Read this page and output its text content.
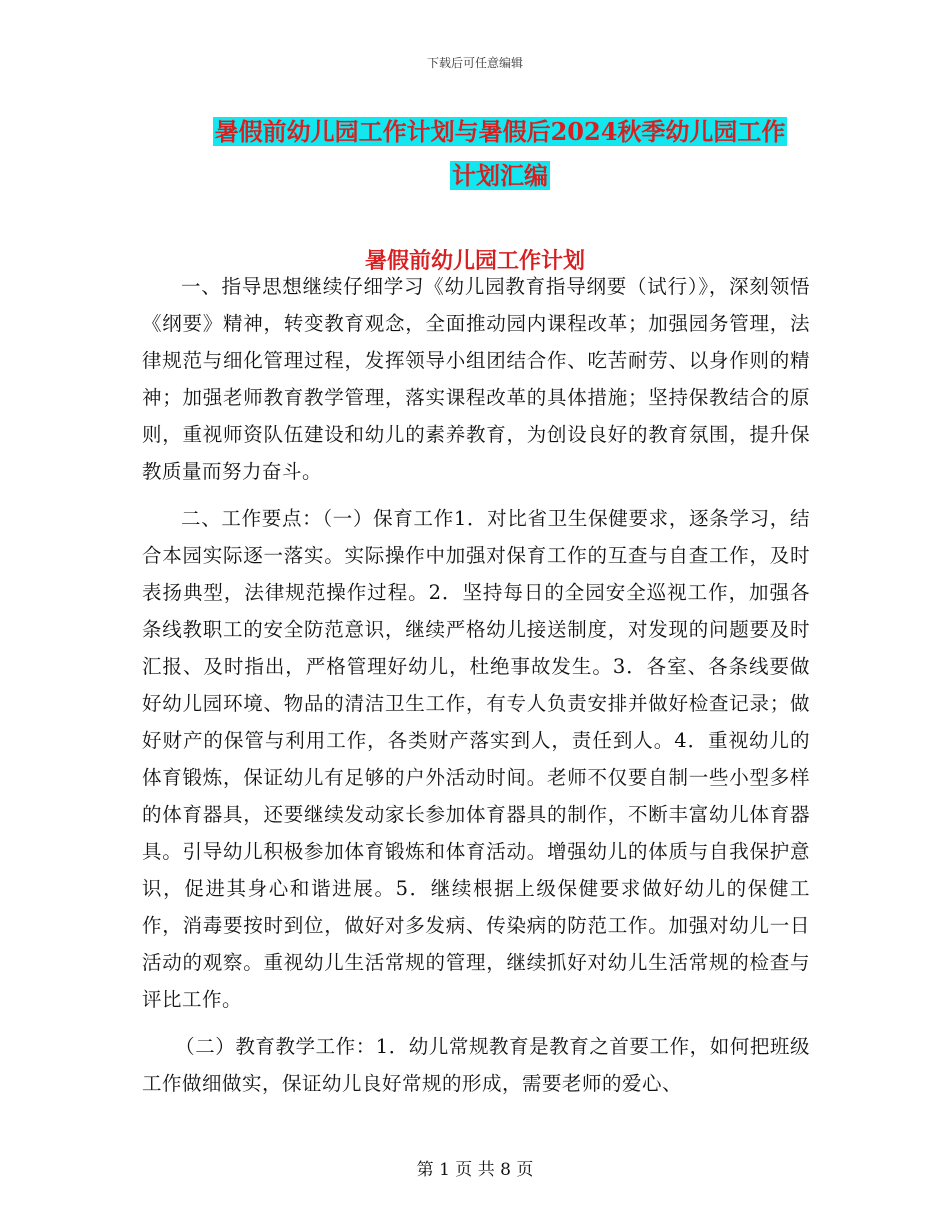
下载后可任意编辑
暑假前幼儿园工作计划与暑假后2024秋季幼儿园工作
计划汇编
暑假前幼儿园工作计划

一、指导思想继续仔细学习《幼儿园教育指导纲要（试行）》，深刻领悟《纲要》精神，转变教育观念，全面推动园内课程改革；加强园务管理，法律规范与细化管理过程，发挥领导小组团结合作、吃苦耐劳、以身作则的精神；加强老师教育教学管理，落实课程改革的具体措施；坚持保教结合的原则，重视师资队伍建设和幼儿的素养教育，为创设良好的教育氛围，提升保教质量而努力奋斗。

二、工作要点：（一）保育工作1．对比省卫生保健要求，逐条学习，结合本园实际逐一落实。实际操作中加强对保育工作的互查与自查工作，及时表扬典型，法律规范操作过程。2．坚持每日的全园安全巡视工作，加强各条线教职工的安全防范意识，继续严格幼儿接送制度，对发现的问题要及时汇报、及时指出，严格管理好幼儿，杜绝事故发生。3．各室、各条线要做好幼儿园环境、物品的清洁卫生工作，有专人负责安排并做好检查记录；做好财产的保管与利用工作，各类财产落实到人，责任到人。4．重视幼儿的体育锻炼，保证幼儿有足够的户外活动时间。老师不仅要自制一些小型多样的体育器具，还要继续发动家长参加体育器具的制作，不断丰富幼儿体育器具。引导幼儿积极参加体育锻炼和体育活动。增强幼儿的体质与自我保护意识，促进其身心和谐进展。5．继续根据上级保健要求做好幼儿的保健工作，消毒要按时到位，做好对多发病、传染病的防范工作。加强对幼儿一日活动的观察。重视幼儿生活常规的管理，继续抓好对幼儿生活常规的检查与评比工作。

（二）教育教学工作：1．幼儿常规教育是教育之首要工作，如何把班级工作做细做实，保证幼儿良好常规的形成，需要老师的爱心、

第 1 页 共 8 页
